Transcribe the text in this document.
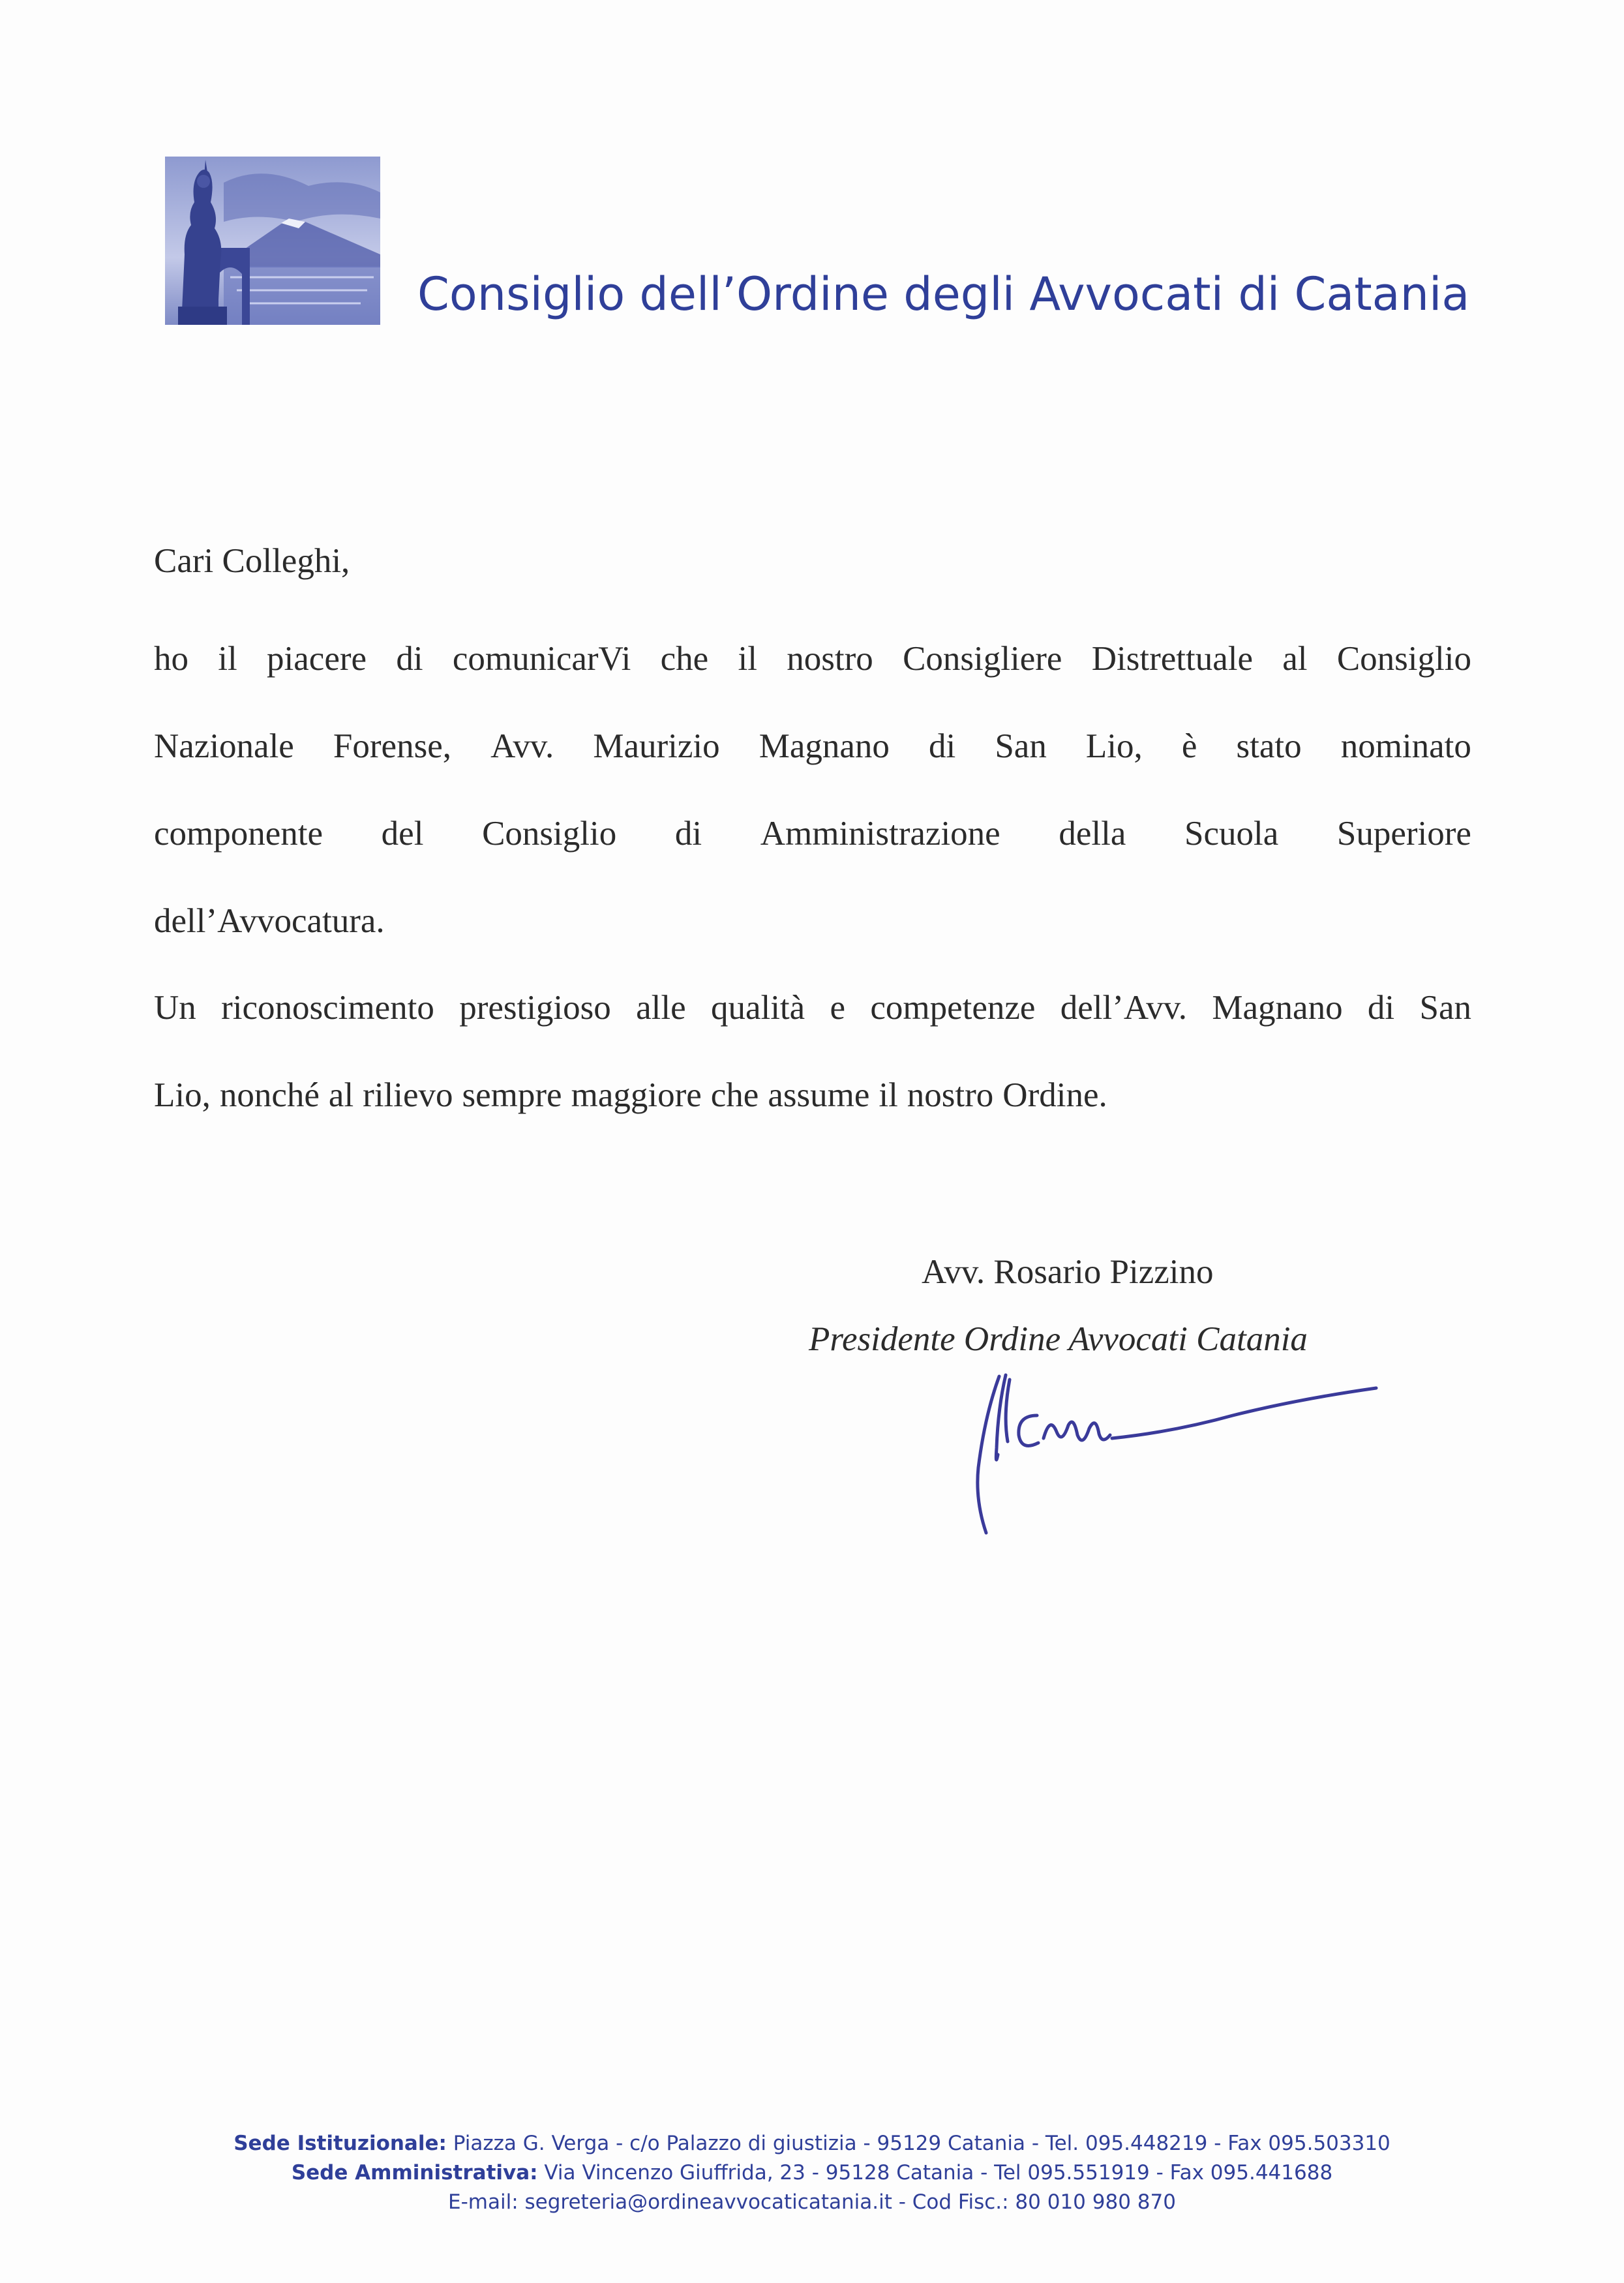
Consiglio dell’Ordine degli Avvocati di Catania
Cari Colleghi,
ho il piacere di comunicarVi che il nostro Consigliere Distrettuale al Consiglio
Nazionale Forense, Avv. Maurizio Magnano di San Lio, è stato nominato
componente del Consiglio di Amministrazione della Scuola Superiore
dell’Avvocatura.
Un riconoscimento prestigioso alle qualità e competenze dell’Avv. Magnano di San
Lio, nonché al rilievo sempre maggiore che assume il nostro Ordine.
Avv. Rosario Pizzino
Presidente Ordine Avvocati Catania
Sede Istituzionale: Piazza G. Verga - c/o Palazzo di giustizia - 95129 Catania - Tel. 095.448219 - Fax 095.503310
Sede Amministrativa: Via Vincenzo Giuffrida, 23 - 95128 Catania - Tel 095.551919 - Fax 095.441688
E-mail: segreteria@ordineavvocaticatania.it - Cod Fisc.: 80 010 980 870
